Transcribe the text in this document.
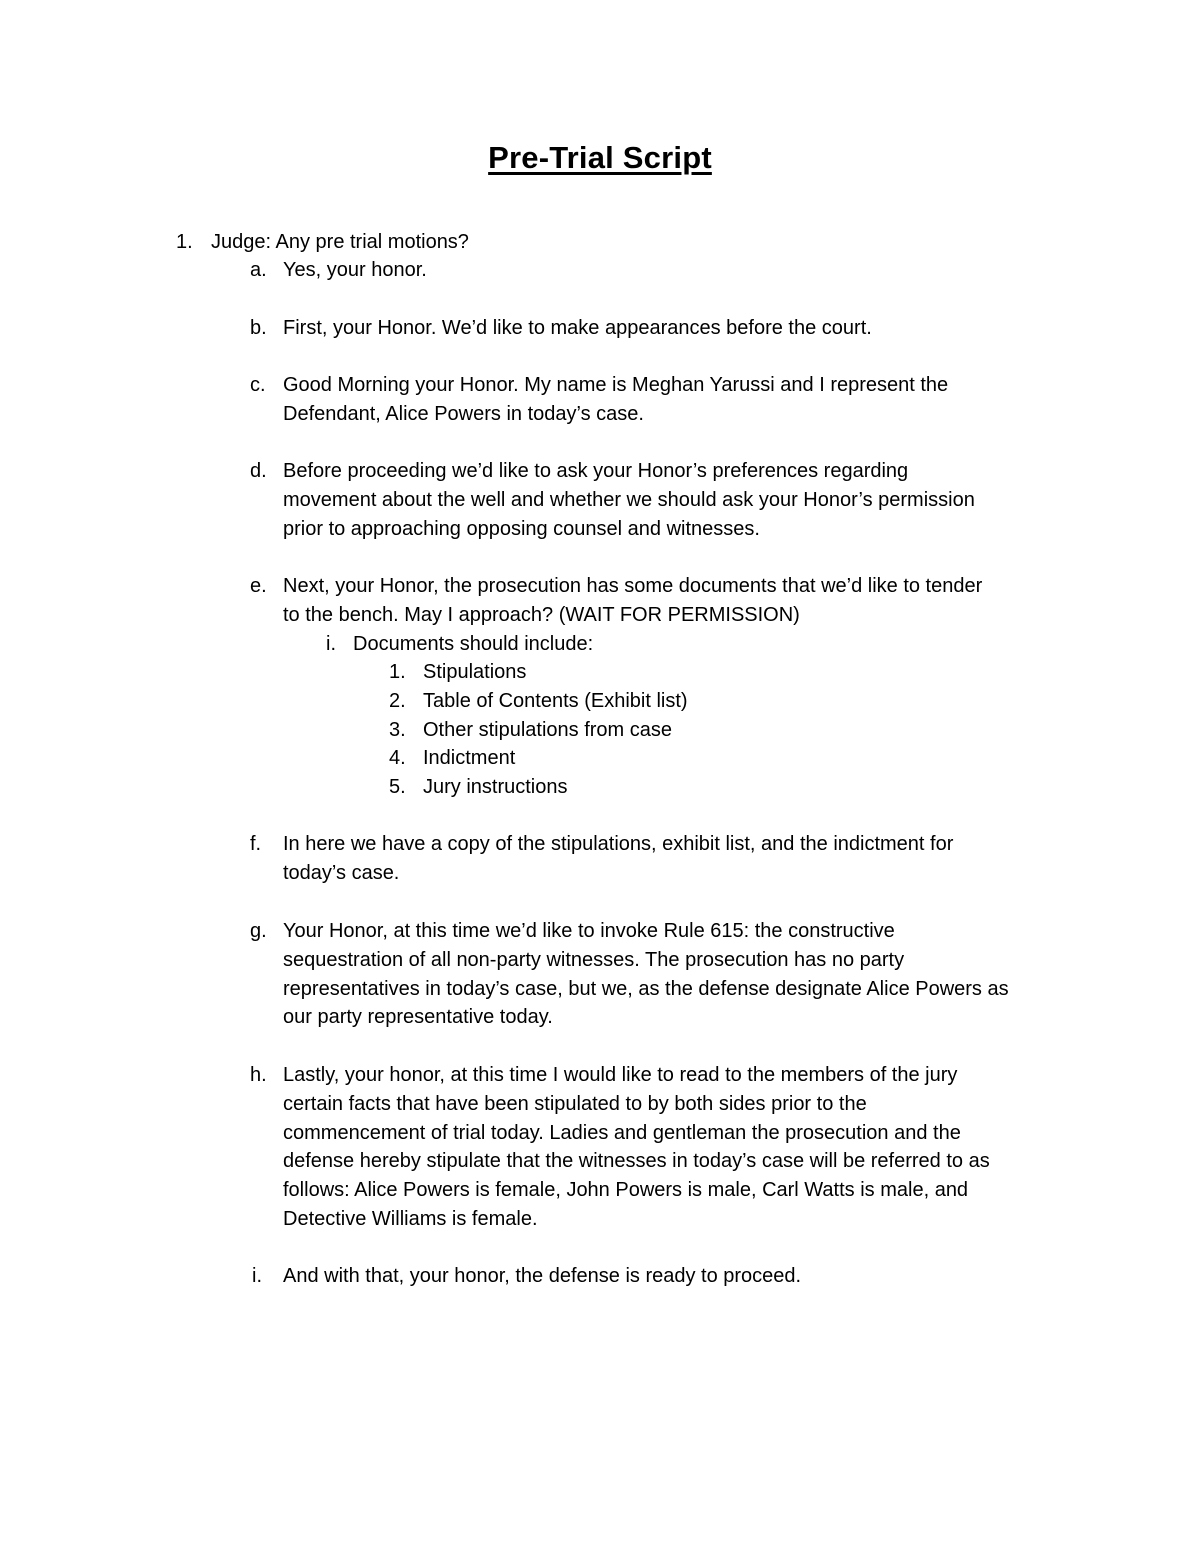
Pre-Trial Script
1. Judge: Any pre trial motions?
a. Yes, your honor.
b. First, your Honor. We’d like to make appearances before the court.
c. Good Morning your Honor. My name is Meghan Yarussi and I represent the
Defendant, Alice Powers in today’s case.
d. Before proceeding we’d like to ask your Honor’s preferences regarding
movement about the well and whether we should ask your Honor’s permission
prior to approaching opposing counsel and witnesses.
e. Next, your Honor, the prosecution has some documents that we’d like to tender
to the bench. May I approach? (WAIT FOR PERMISSION)
i. Documents should include:
1. Stipulations
2. Table of Contents (Exhibit list)
3. Other stipulations from case
4. Indictment
5. Jury instructions
f. In here we have a copy of the stipulations, exhibit list, and the indictment for
today’s case.
g. Your Honor, at this time we’d like to invoke Rule 615: the constructive
sequestration of all non-party witnesses. The prosecution has no party
representatives in today’s case, but we, as the defense designate Alice Powers as
our party representative today.
h. Lastly, your honor, at this time I would like to read to the members of the jury
certain facts that have been stipulated to by both sides prior to the
commencement of trial today. Ladies and gentleman the prosecution and the
defense hereby stipulate that the witnesses in today’s case will be referred to as
follows: Alice Powers is female, John Powers is male, Carl Watts is male, and
Detective Williams is female.
i. And with that, your honor, the defense is ready to proceed.
